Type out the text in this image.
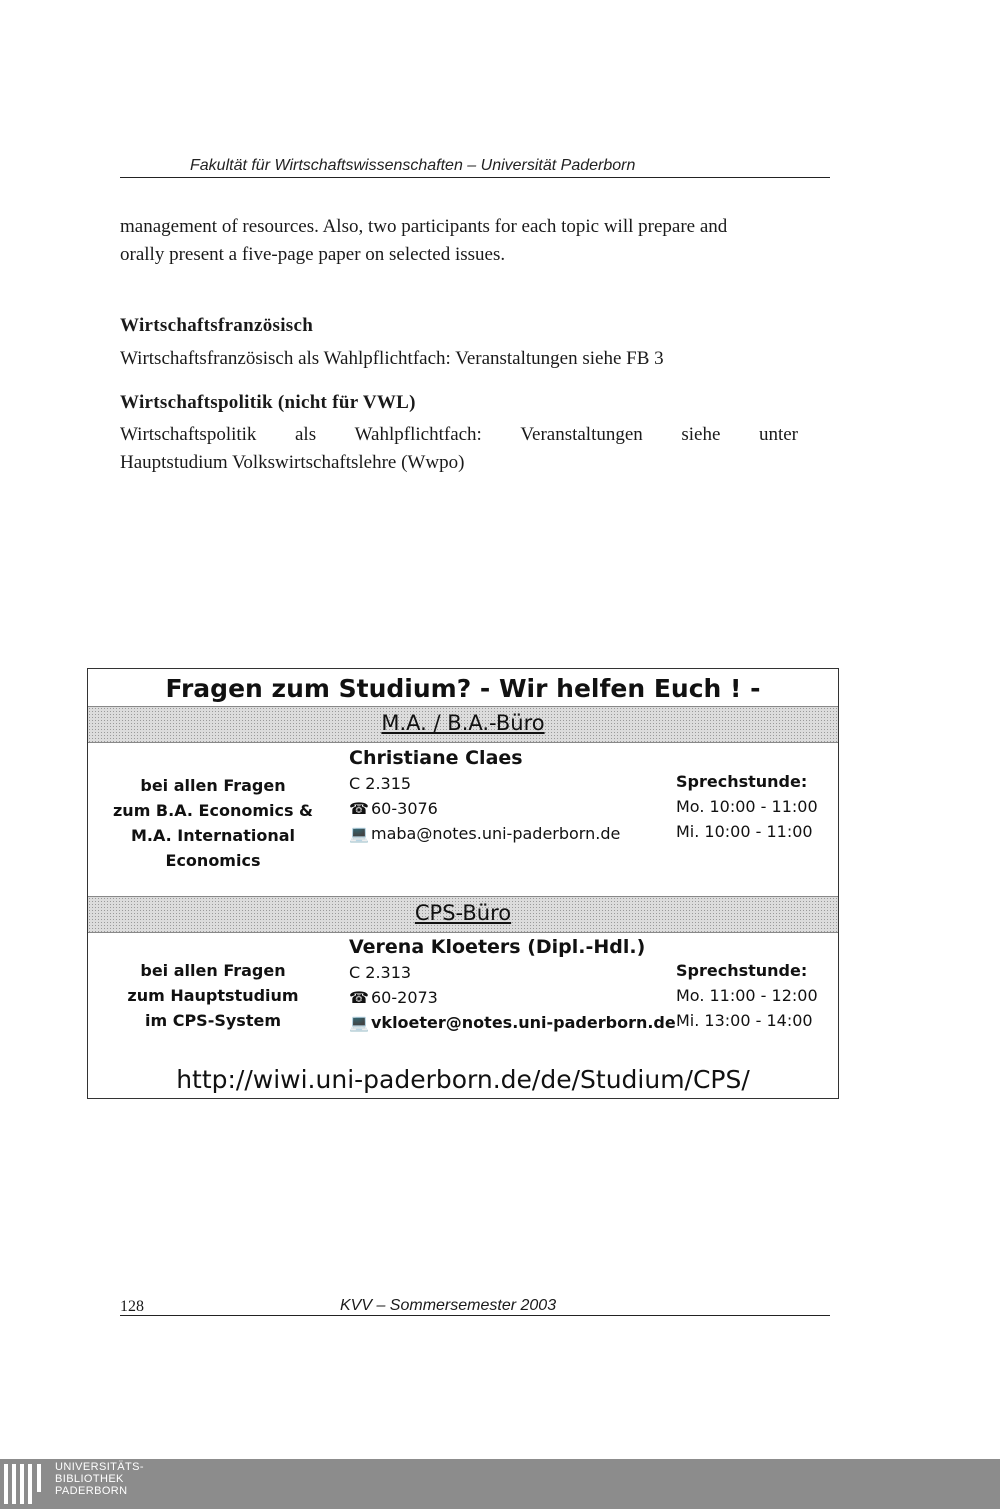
Fakultät für Wirtschaftswissenschaften – Universität Paderborn
management of resources. Also, two participants for each topic will prepare and
orally present a five-page paper on selected issues.
Wirtschaftsfranzösisch
Wirtschaftsfranzösisch als Wahlpflichtfach: Veranstaltungen siehe FB 3
Wirtschaftspolitik (nicht für VWL)
Wirtschaftspolitik als Wahlpflichtfach: Veranstaltungen siehe unter
Hauptstudium Volkswirtschaftslehre (Wwpo)
Fragen zum Studium? - Wir helfen Euch ! -
M.A. / B.A.-Büro
bei allen Fragen
zum B.A. Economics &
M.A. International
Economics
Christiane Claes
C 2.315
☎ 60-3076
💻 maba@notes.uni-paderborn.de
Sprechstunde:
Mo. 10:00 - 11:00
Mi. 10:00 - 11:00
CPS-Büro
bei allen Fragen
zum Hauptstudium
im CPS-System
Verena Kloeters (Dipl.-Hdl.)
C 2.313
☎ 60-2073
💻 vkloeter@notes.uni-paderborn.de
Sprechstunde:
Mo. 11:00 - 12:00
Mi. 13:00 - 14:00
http://wiwi.uni-paderborn.de/de/Studium/CPS/
128	KVV – Sommersemester 2003
UNIVERSITÄTS-
BIBLIOTHEK
PADERBORN
